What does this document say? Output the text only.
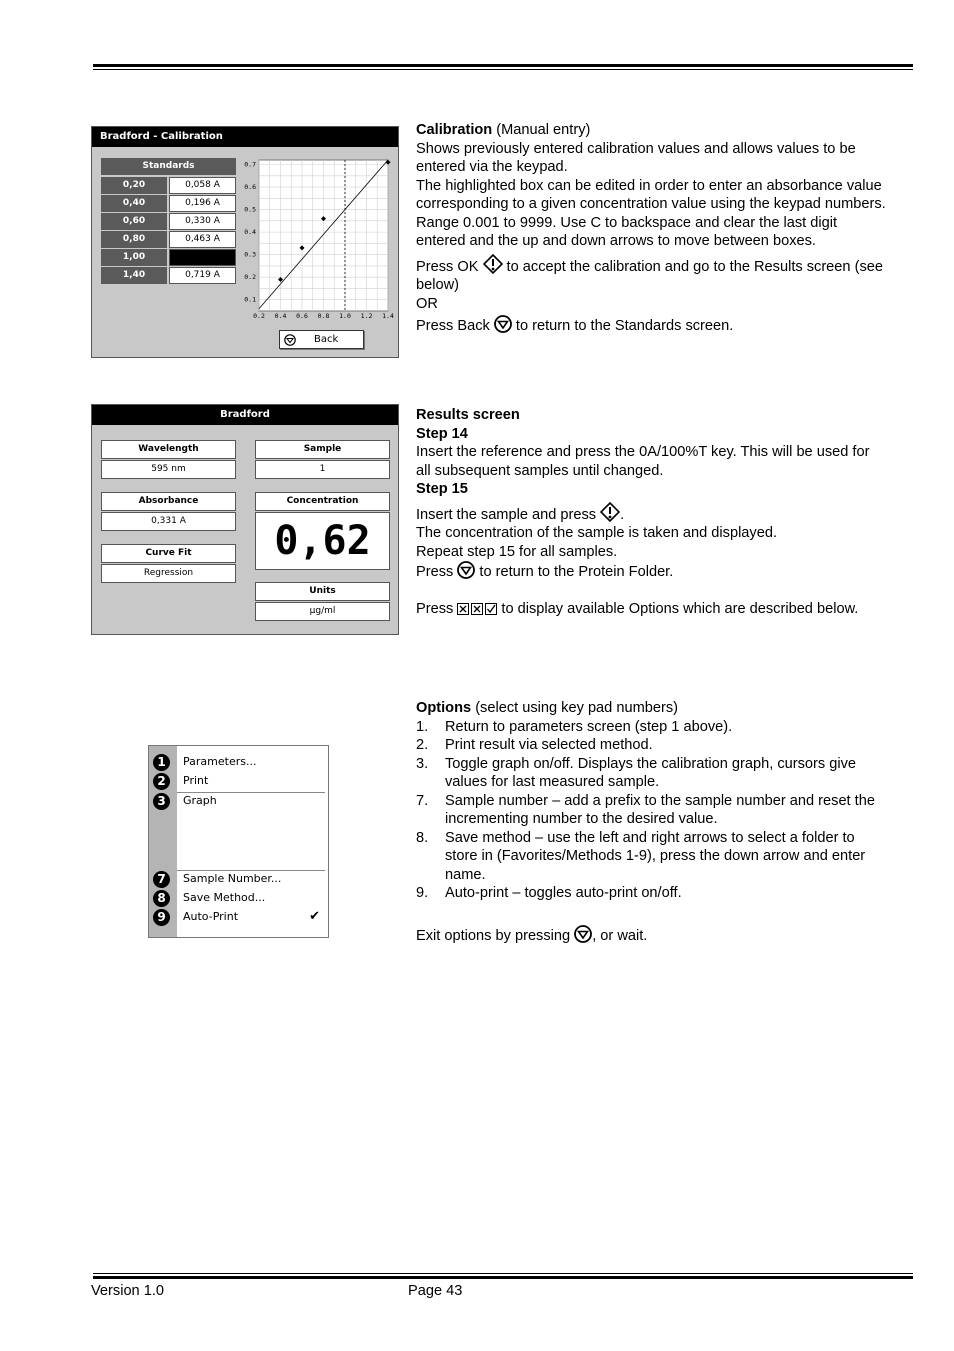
Bradford - Calibration
Standards
0,20	0,058 A
0,40	0,196 A
0,60	0,330 A
0,80	0,463 A
1,00
1,40	0,719 A
0.2 0.4 0.6 0.8 1.0 1.2 1.4
0.1
0.2
0.3
0.4
0.5
0.6
0.7
Back
Bradford
Wavelength
595 nm
Sample
1
Absorbance
0,331 A
Concentration
0,62
Curve Fit
Regression
Units
µg/ml
1	Parameters...
2	Print
3	Graph
7	Sample Number...
8	Save Method...
9	Auto-Print	✔

Calibration (Manual entry)

Shows previously entered calibration values and allows values to be entered via the keypad.

The highlighted box can be edited in order to enter an absorbance value corresponding to a given concentration value using the keypad numbers. Range 0.001 to 9999. Use C to backspace and clear the last digit entered and the up and down arrows to move between boxes.

Press OK  to accept the calibration and go to the Results screen (see below)

OR

Press Back  to return to the Standards screen.

Results screen

Step 14

Insert the reference and press the 0A/100%T key. This will be used for all subsequent samples until changed.

Step 15

Insert the sample and press .

The concentration of the sample is taken and displayed.

Repeat step 15 for all samples.

Press  to return to the Protein Folder.

Press	to display available Options which are described below.

Options (select using key pad numbers)

1. Return to parameters screen (step 1 above).
2. Print result via selected method.
3. Toggle graph on/off. Displays the calibration graph, cursors give values for last measured sample.
7. Sample number – add a prefix to the sample number and reset the incrementing number to the desired value.
8. Save method – use the left and right arrows to select a folder to store in (Favorites/Methods 1-9), press the down arrow and enter name.
9. Auto-print – toggles auto-print on/off.

Exit options by pressing , or wait.

Version 1.0	Page 43
